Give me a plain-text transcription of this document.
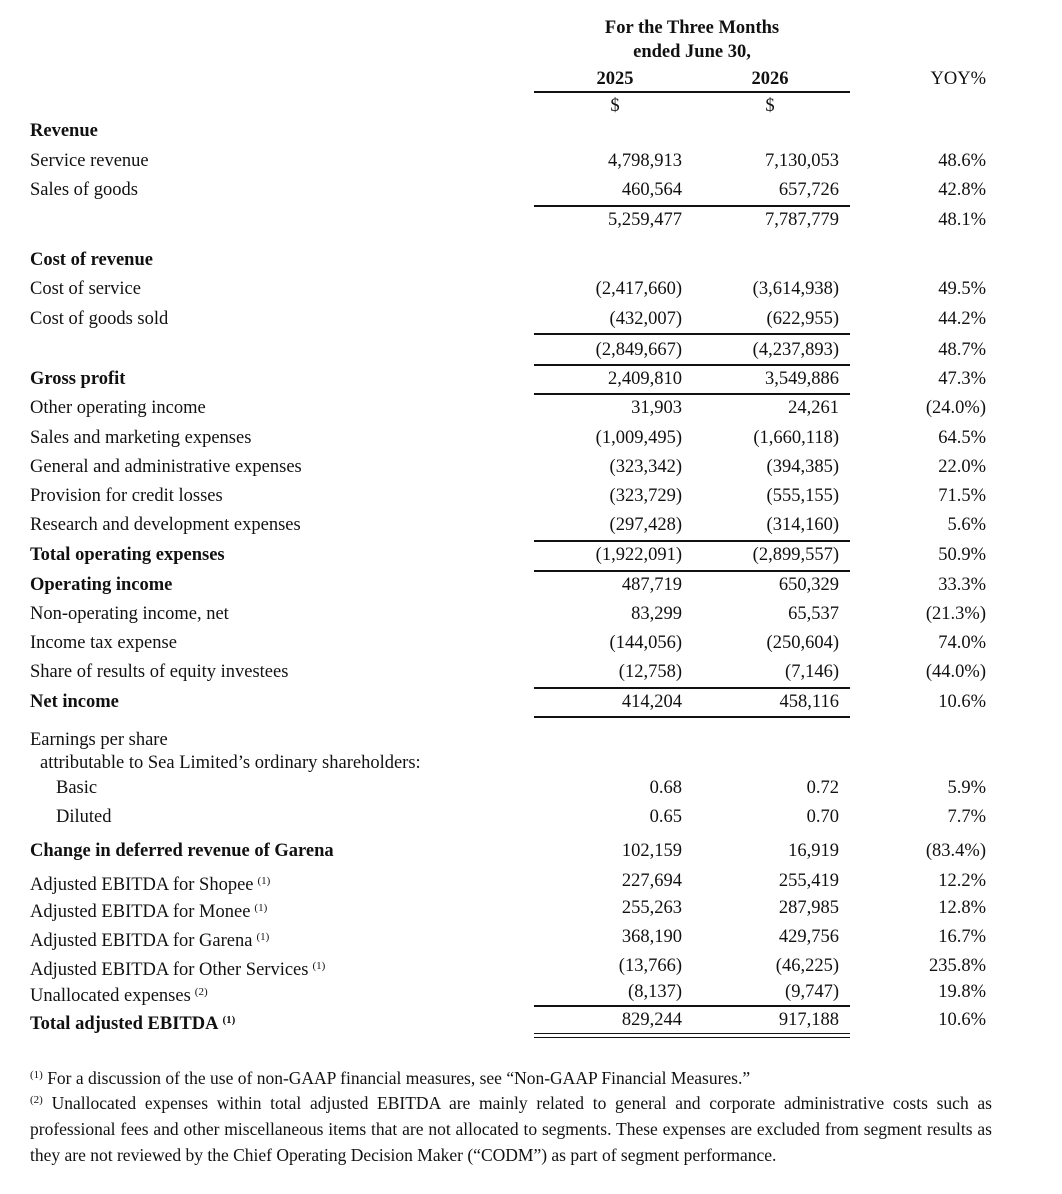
For the Three Months
ended June 30,
2025	2026	YOY%
$	$
Revenue
Service revenue	4,798,913	7,130,053	48.6%
Sales of goods	460,564	657,726	42.8%
5,259,477	7,787,779	48.1%
Cost of revenue
Cost of service	(2,417,660)	(3,614,938)	49.5%
Cost of goods sold	(432,007)	(622,955)	44.2%
(2,849,667)	(4,237,893)	48.7%
Gross profit	2,409,810	3,549,886	47.3%
Other operating income	31,903	24,261	(24.0%)
Sales and marketing expenses	(1,009,495)	(1,660,118)	64.5%
General and administrative expenses	(323,342)	(394,385)	22.0%
Provision for credit losses	(323,729)	(555,155)	71.5%
Research and development expenses	(297,428)	(314,160)	5.6%
Total operating expenses	(1,922,091)	(2,899,557)	50.9%
Operating income	487,719	650,329	33.3%
Non-operating income, net	83,299	65,537	(21.3%)
Income tax expense	(144,056)	(250,604)	74.0%
Share of results of equity investees	(12,758)	(7,146)	(44.0%)
Net income	414,204	458,116	10.6%
Earnings per share
attributable to Sea Limited’s ordinary shareholders:
Basic	0.68	0.72	5.9%
Diluted	0.65	0.70	7.7%
Change in deferred revenue of Garena	102,159	16,919	(83.4%)
Adjusted EBITDA for Shopee $^{(1)}$	227,694	255,419	12.2%
Adjusted EBITDA for Monee $^{(1)}$	255,263	287,985	12.8%
Adjusted EBITDA for Garena $^{(1)}$	368,190	429,756	16.7%
Adjusted EBITDA for Other Services $^{(1)}$	(13,766)	(46,225)	235.8%
Unallocated expenses $^{(2)}$	(8,137)	(9,747)	19.8%
Total adjusted EBITDA $^{(1)}$	829,244	917,188	10.6%
$^{(1)}$ For a discussion of the use of non-GAAP financial measures, see “Non-GAAP Financial Measures.”
$^{(2)}$ Unallocated expenses within total adjusted EBITDA are mainly related to general and corporate administrative costs such as professional fees and other miscellaneous items that are not allocated to segments. These expenses are excluded from segment results as they are not reviewed by the Chief Operating Decision Maker (“CODM”) as part of segment performance.
